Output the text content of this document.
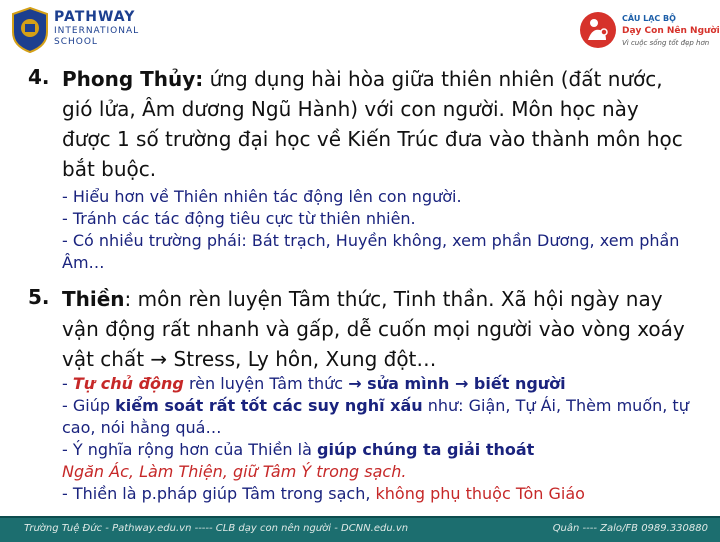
PATHWAY
INTERNATIONAL
SCHOOL
CÂU LẠC BỘ
Dạy Con Nên Người
Vì cuộc sống tốt đẹp hơn
4. Phong Thủy: ứng dụng hài hòa giữa thiên nhiên (đất nước, gió lửa, Âm dương Ngũ Hành) với con người. Môn học này được 1 số trường đại học về Kiến Trúc đưa vào thành môn học bắt buộc.
- Hiểu hơn về Thiên nhiên tác động lên con người.
- Tránh các tác động tiêu cực từ thiên nhiên.
- Có nhiều trường phái: Bát trạch, Huyền không, xem phần Dương, xem phần Âm…
5. Thiền: môn rèn luyện Tâm thức, Tinh thần. Xã hội ngày nay vận động rất nhanh và gấp, dễ cuốn mọi người vào vòng xoáy vật chất → Stress, Ly hôn, Xung đột…
- Tự chủ động rèn luyện Tâm thức → sửa mình → biết người
- Giúp kiểm soát rất tốt các suy nghĩ xấu như: Giận, Tự Ái, Thèm muốn, tự cao, nói hằng quá…
- Ý nghĩa rộng hơn của Thiền là giúp chúng ta giải thoát
Ngăn Ác, Làm Thiện, giữ Tâm Ý trong sạch.
- Thiền là p.pháp giúp Tâm trong sạch, không phụ thuộc Tôn Giáo
Trường Tuệ Đức - Pathway.edu.vn ----- CLB dạy con nên người - DCNN.edu.vn	Quân ---- Zalo/FB 0989.330880
